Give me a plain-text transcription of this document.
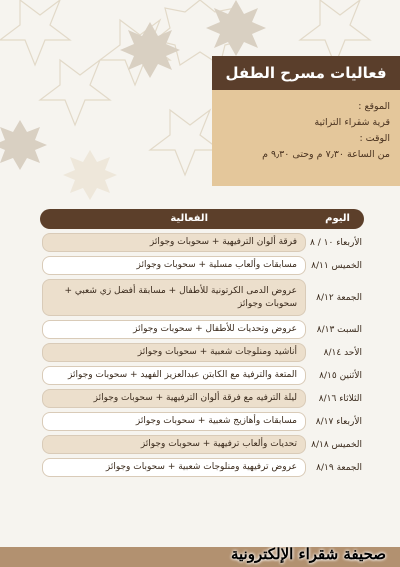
فعاليات مسرح الطفل
الموقع :
قرية شقراء التراثية
الوقت :
من الساعة ٧٫٣٠ م وحتى ٩٫٣٠ م
اليوم
الفعالية
الأربعاء ١٠ / ٨
فرقة ألوان الترفيهية + سحوبات وجوائز
الخميس ٨/١١
مسابقات وألعاب مسلية + سحوبات وجوائز
الجمعة ٨/١٢
عروض الدمى الكرتونية للأطفال + مسابقة أفضل زي شعبي + سحوبات وجوائز
السبت ٨/١٣
عروض وتحديات للأطفال + سحوبات وجوائز
الأحد ٨/١٤
أناشيد ومنلوجات شعبية + سحوبات وجوائز
الأثنين ٨/١٥
المتعة والترفية مع الكابتن عبدالعزيز الفهيد + سحوبات وجوائز
الثلاثاء ٨/١٦
ليلة الترفيه مع فرقة ألوان الترفيهية + سحوبات وجوائز
الأربعاء ٨/١٧
مسابقات وأهازيج شعبية + سحوبات وجوائز
الخميس ٨/١٨
تحديات وألعاب ترفيهية + سحوبات وجوائز
الجمعة ٨/١٩
عروض ترفيهية ومنلوجات شعبية + سحوبات وجوائز
صحيفة شقراء الإلكترونية
